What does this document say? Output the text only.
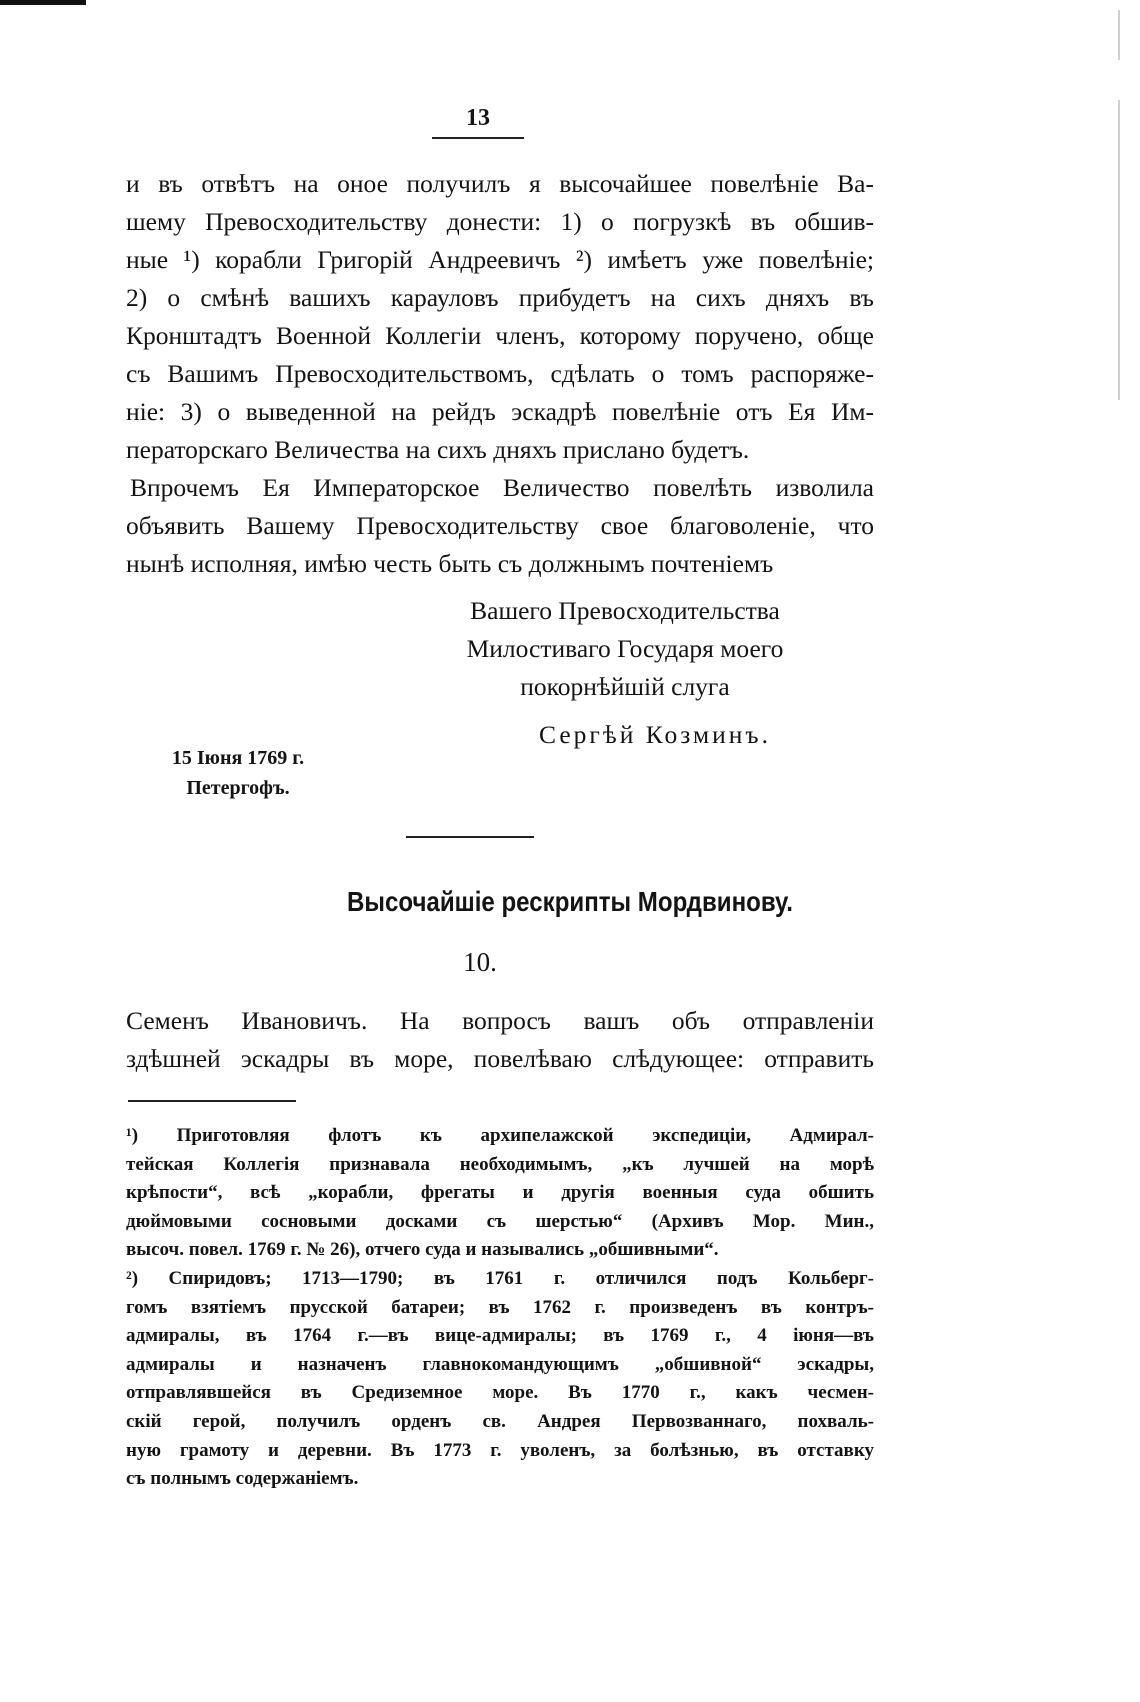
13
и въ отвѣтъ на оное получилъ я высочайшее повелѣніе Ва-
шему Превосходительству донести: 1) о погрузкѣ въ обшив-
ные ¹) корабли Григорій Андреевичъ ²) имѣетъ уже повелѣніе;
2) о смѣнѣ вашихъ карауловъ прибудетъ на сихъ дняхъ въ
Кронштадтъ Военной Коллегіи членъ, которому поручено, обще
съ Вашимъ Превосходительствомъ, сдѣлать о томъ распоряже-
ніе: 3) о выведенной на рейдъ эскадрѣ повелѣніе отъ Ея Им-
ператорскаго Величества на сихъ дняхъ прислано будетъ.
Впрочемъ Ея Императорское Величество повелѣть изволила
объявить Вашему Превосходительству свое благоволеніе, что
нынѣ исполняя, имѣю честь быть съ должнымъ почтеніемъ
Вашего Превосходительства
Милостиваго Государя моего
покорнѣйшій слуга
Сергѣй Козминъ.
15 Іюня 1769 г.
Петергофъ.
Высочайшіе рескрипты Мордвинову.
10.
Семенъ Ивановичъ. На вопросъ вашъ объ отправленіи
здѣшней эскадры въ море, повелѣваю слѣдующее: отправить
¹) Приготовляя флотъ къ архипелажской экспедиціи, Адмирал-
тейская Коллегія признавала необходимымъ, „къ лучшей на морѣ
крѣпости“, всѣ „корабли, фрегаты и другія военныя суда обшить
дюймовыми сосновыми досками съ шерстью“ (Архивъ Мор. Мин.,
высоч. повел. 1769 г. № 26), отчего суда и назывались „обшивными“.
²) Спиридовъ; 1713—1790; въ 1761 г. отличился подъ Кольберг-
гомъ взятіемъ прусской батареи; въ 1762 г. произведенъ въ контръ-
адмиралы, въ 1764 г.—въ вице-адмиралы; въ 1769 г., 4 іюня—въ
адмиралы и назначенъ главнокомандующимъ „обшивной“ эскадры,
отправлявшейся въ Средиземное море. Въ 1770 г., какъ чесмен-
скій герой, получилъ орденъ св. Андрея Первозваннаго, похваль-
ную грамоту и деревни. Въ 1773 г. уволенъ, за болѣзнью, въ отставку
съ полнымъ содержаніемъ.
